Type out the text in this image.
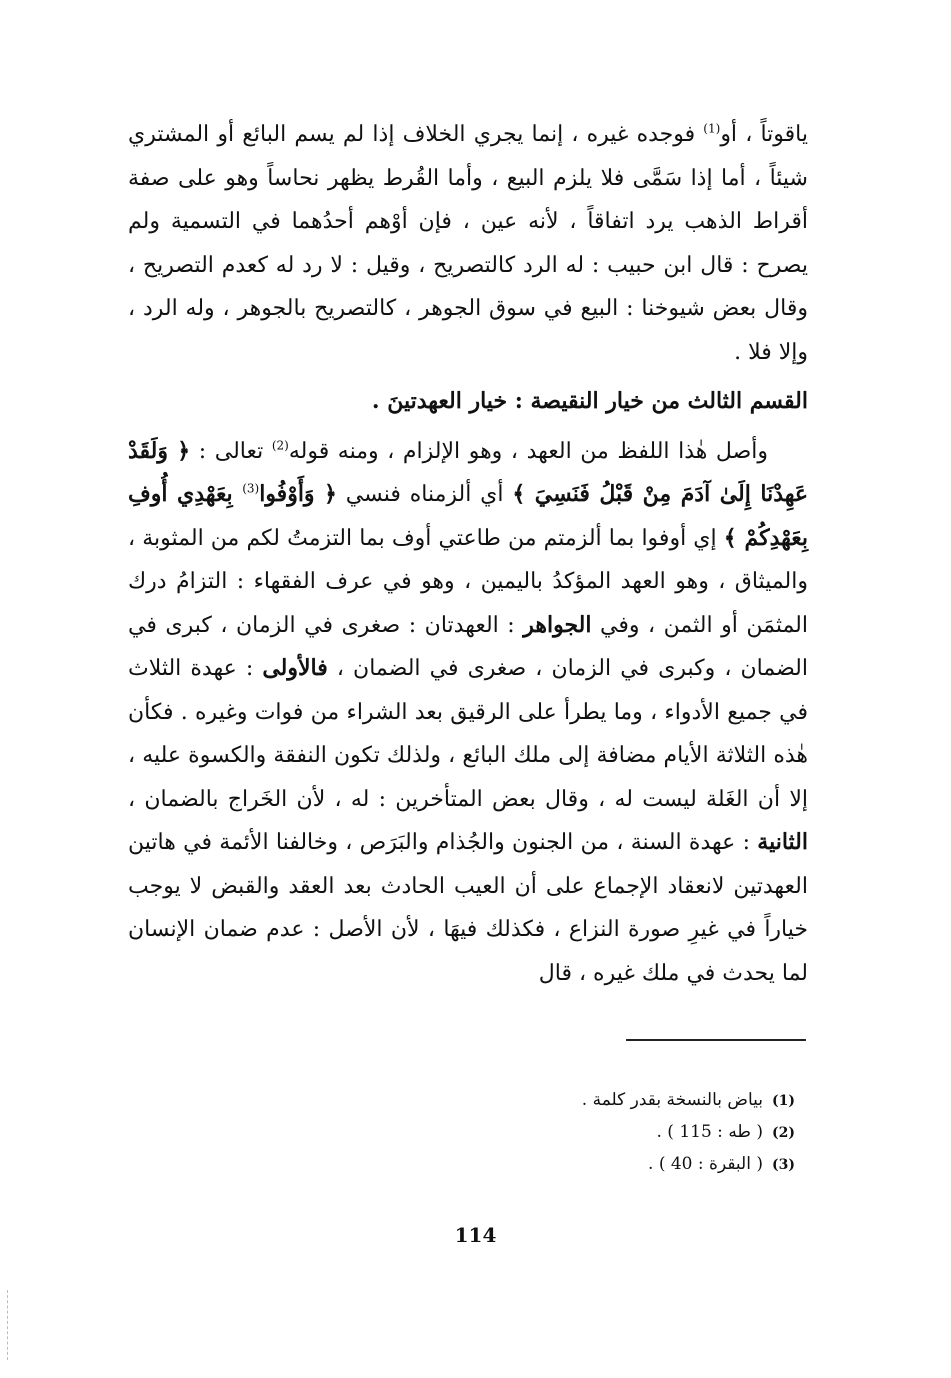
ياقوتاً ، أو$^{(1)}$ فوجده غيره ، إنما يجري الخلاف إذا لم يسم البائع أو المشتري شيئاً ، أما إذا سَمَّى فلا يلزم البيع ، وأما القُرط يظهر نحاساً وهو على صفة أقراط الذهب يرد اتفاقاً ، لأنه عين ، فإن أوْهم أحدُهما في التسمية ولم يصرح : قال ابن حبيب : له الرد كالتصريح ، وقيل : لا رد له كعدم التصريح ، وقال بعض شيوخنا : البيع في سوق الجوهر ، كالتصريح بالجوهر ، وله الرد ، وإلا فلا .

القسم الثالث من خيار النقيصة : خيار العهدتينَ .

وأصل هٰذا اللفظ من العهد ، وهو الإلزام ، ومنه قوله$^{(2)}$ تعالى : ﴿ وَلَقَدْ عَهِدْنَا إِلَىٰ آدَمَ مِنْ قَبْلُ فَنَسِيَ ﴾ أي ألزمناه فنسي ﴿ وَأَوْفُوا$^{(3)}$ بِعَهْدِي أُوفِ بِعَهْدِكُمْ ﴾ إي أوفوا بما ألزمتم من طاعتي أوف بما التزمتُ لكم من المثوبة ، والميثاق ، وهو العهد المؤكدُ باليمين ، وهو في عرف الفقهاء : التزامُ درك المثمَن أو الثمن ، وفي الجواهر : العهدتان : صغرى في الزمان ، كبرى في الضمان ، وكبرى في الزمان ، صغرى في الضمان ، فالأولى : عهدة الثلاث في جميع الأدواء ، وما يطرأ على الرقيق بعد الشراء من فوات وغيره . فكأن هٰذه الثلاثة الأيام مضافة إلى ملك البائع ، ولذلك تكون النفقة والكسوة عليه ، إلا أن الغَلة ليست له ، وقال بعض المتأخرين : له ، لأن الخَراج بالضمان ، الثانية : عهدة السنة ، من الجنون والجُذام والبَرَص ، وخالفنا الأئمة في هاتين العهدتين لانعقاد الإجماع على أن العيب الحادث بعد العقد والقبض لا يوجب خياراً في غيرِ صورة النزاع ، فكذلك فيهَا ، لأن الأصل : عدم ضمان الإنسان لما يحدث في ملك غيره ، قال

(1)بياض بالنسخة بقدر كلمة .
(2)( طه : 115 ) .
(3)( البقرة : 40 ) .
114
